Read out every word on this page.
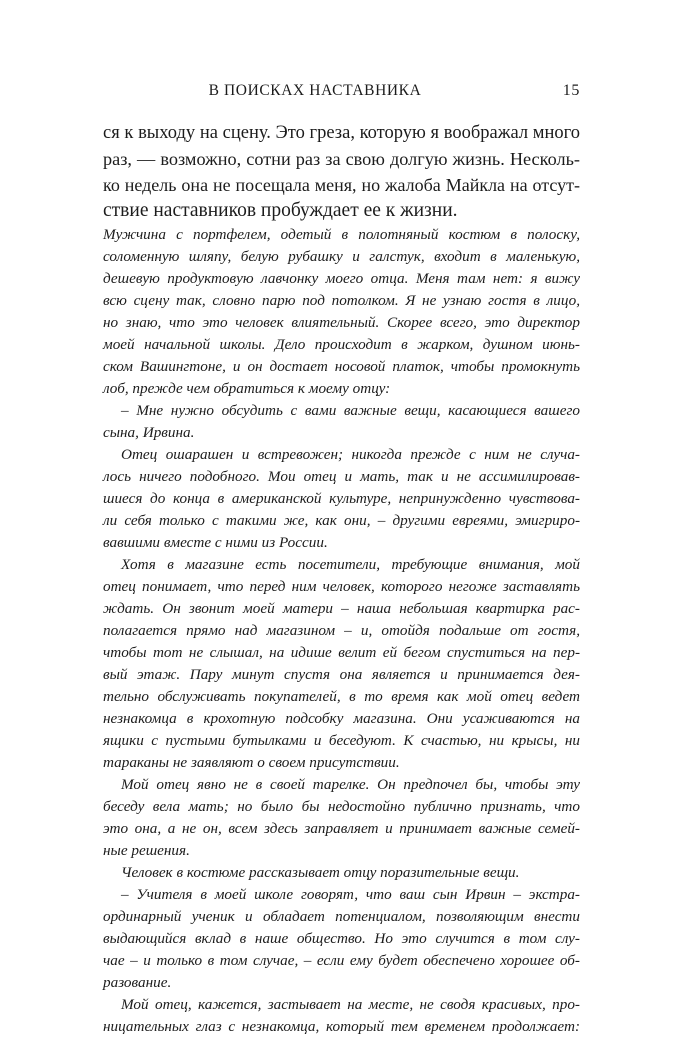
В ПОИСКАХ НАСТАВНИКА	15
ся к выходу на сцену. Это греза, которую я воображал много
раз, — возможно, сотни раз за свою долгую жизнь. Несколь-
ко недель она не посещала меня, но жалоба Майкла на отсут-
ствие наставников пробуждает ее к жизни.
Мужчина с портфелем, одетый в полотняный костюм в полоску,
соломенную шляпу, белую рубашку и галстук, входит в маленькую,
дешевую продуктовую лавчонку моего отца. Меня там нет: я вижу
всю сцену так, словно парю под потолком. Я не узнаю гостя в лицо,
но знаю, что это человек влиятельный. Скорее всего, это директор
моей начальной школы. Дело происходит в жарком, душном июнь-
ском Вашингтоне, и он достает носовой платок, чтобы промокнуть
лоб, прежде чем обратиться к моему отцу:
– Мне нужно обсудить с вами важные вещи, касающиеся вашего
сына, Ирвина.
Отец ошарашен и встревожен; никогда прежде с ним не случа-
лось ничего подобного. Мои отец и мать, так и не ассимилировав-
шиеся до конца в американской культуре, непринужденно чувствова-
ли себя только с такими же, как они, – другими евреями, эмигриро-
вавшими вместе с ними из России.
Хотя в магазине есть посетители, требующие внимания, мой
отец понимает, что перед ним человек, которого негоже заставлять
ждать. Он звонит моей матери – наша небольшая квартирка рас-
полагается прямо над магазином – и, отойдя подальше от гостя,
чтобы тот не слышал, на идише велит ей бегом спуститься на пер-
вый этаж. Пару минут спустя она является и принимается дея-
тельно обслуживать покупателей, в то время как мой отец ведет
незнакомца в крохотную подсобку магазина. Они усаживаются на
ящики с пустыми бутылками и беседуют. К счастью, ни крысы, ни
тараканы не заявляют о своем присутствии.
Мой отец явно не в своей тарелке. Он предпочел бы, чтобы эту
беседу вела мать; но было бы недостойно публично признать, что
это она, а не он, всем здесь заправляет и принимает важные семей-
ные решения.
Человек в костюме рассказывает отцу поразительные вещи.
– Учителя в моей школе говорят, что ваш сын Ирвин – экстра-
ординарный ученик и обладает потенциалом, позволяющим внести
выдающийся вклад в наше общество. Но это случится в том слу-
чае – и только в том случае, – если ему будет обеспечено хорошее об-
разование.
Мой отец, кажется, застывает на месте, не сводя красивых, про-
ницательных глаз с незнакомца, который тем временем продолжает:
